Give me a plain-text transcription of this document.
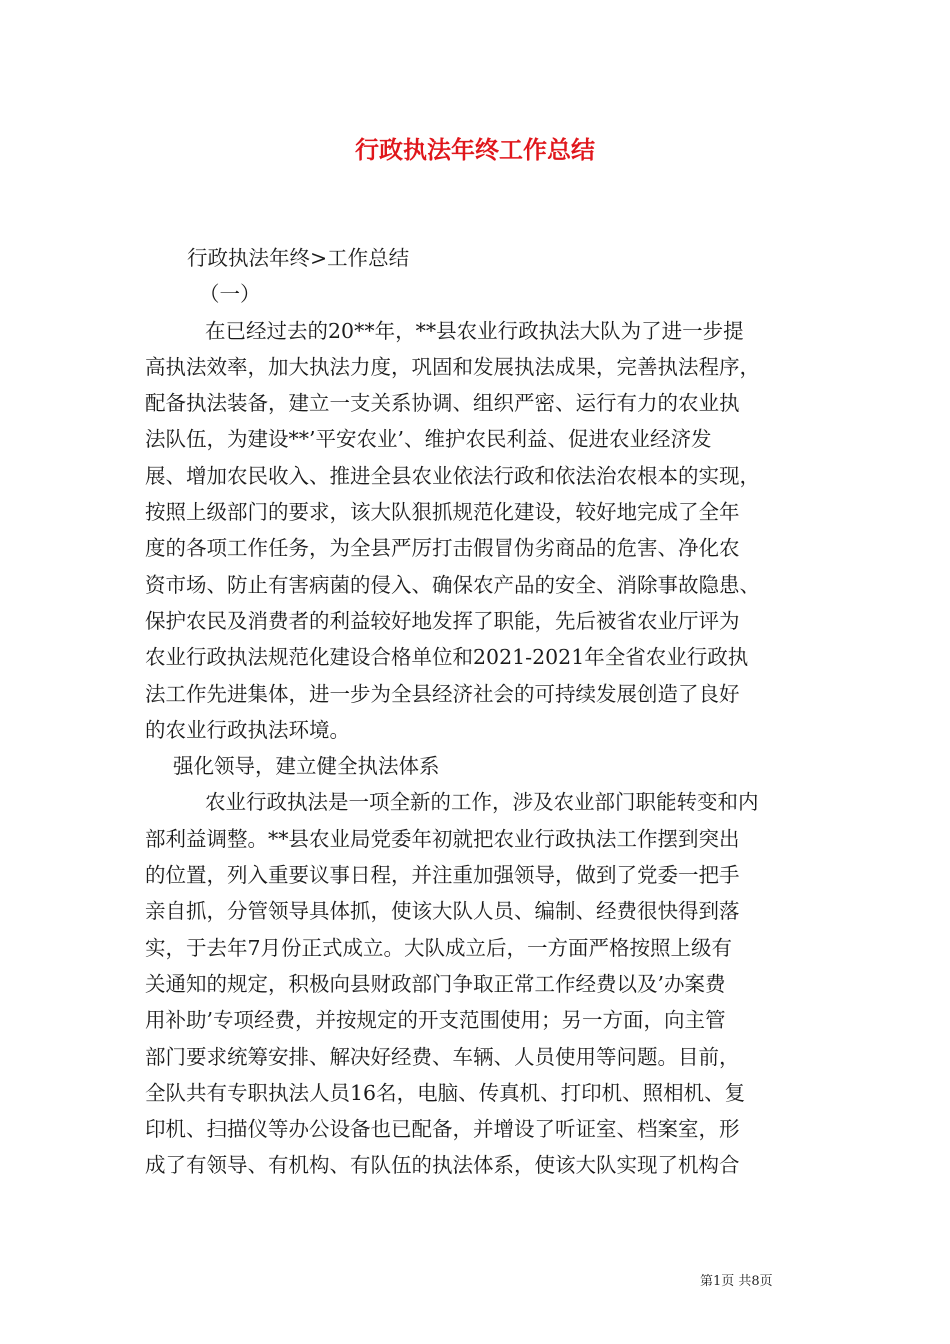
行政执法年终工作总结
行政执法年终>工作总结
（一）
在已经过去的20**年，**县农业行政执法大队为了进一步提
高执法效率，加大执法力度，巩固和发展执法成果，完善执法程序，
配备执法装备，建立一支关系协调、组织严密、运行有力的农业执
法队伍，为建设**’平安农业’、维护农民利益、促进农业经济发
展、增加农民收入、推进全县农业依法行政和依法治农根本的实现，
按照上级部门的要求，该大队狠抓规范化建设，较好地完成了全年
度的各项工作任务，为全县严厉打击假冒伪劣商品的危害、净化农
资市场、防止有害病菌的侵入、确保农产品的安全、消除事故隐患、
保护农民及消费者的利益较好地发挥了职能，先后被省农业厅评为
农业行政执法规范化建设合格单位和2021-2021年全省农业行政执
法工作先进集体，进一步为全县经济社会的可持续发展创造了良好
的农业行政执法环境。
强化领导，建立健全执法体系
农业行政执法是一项全新的工作，涉及农业部门职能转变和内
部利益调整。**县农业局党委年初就把农业行政执法工作摆到突出
的位置，列入重要议事日程，并注重加强领导，做到了党委一把手
亲自抓，分管领导具体抓，使该大队人员、编制、经费很快得到落
实，于去年7月份正式成立。大队成立后，一方面严格按照上级有
关通知的规定，积极向县财政部门争取正常工作经费以及’办案费
用补助’专项经费，并按规定的开支范围使用；另一方面，向主管
部门要求统筹安排、解决好经费、车辆、人员使用等问题。目前，
全队共有专职执法人员16名，电脑、传真机、打印机、照相机、复
印机、扫描仪等办公设备也已配备，并增设了听证室、档案室，形
成了有领导、有机构、有队伍的执法体系，使该大队实现了机构合
第1页 共8页
